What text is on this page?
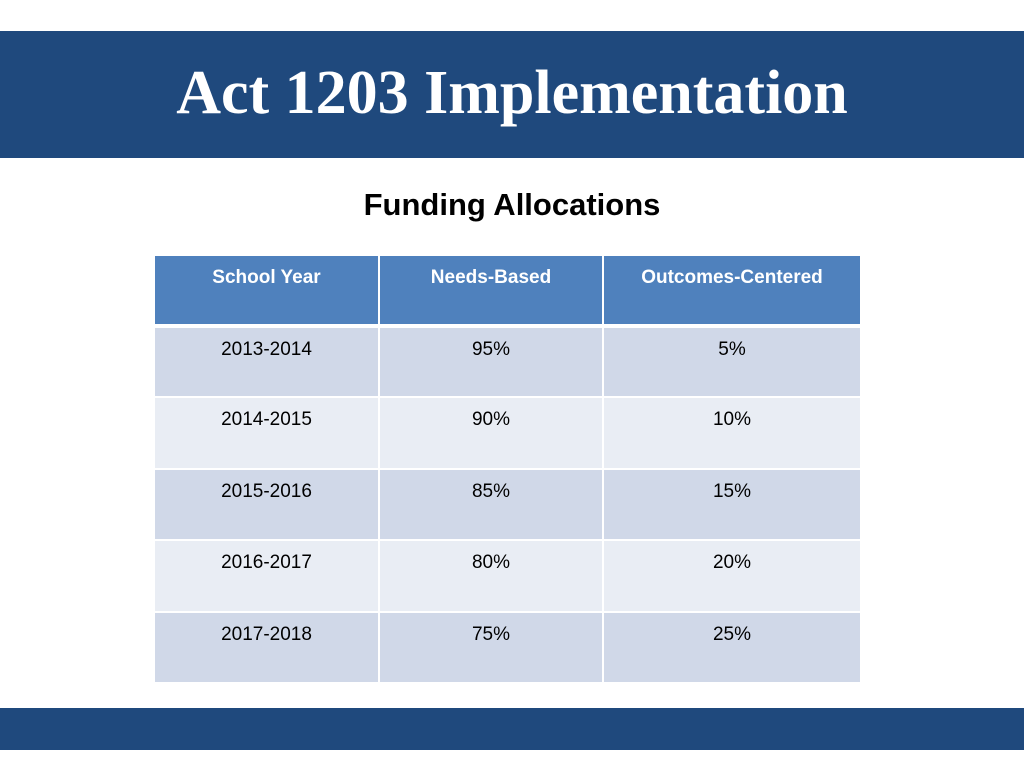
Act 1203 Implementation
Funding Allocations
School Year	Needs-Based	Outcomes-Centered
2013-2014	95%	5%
2014-2015	90%	10%
2015-2016	85%	15%
2016-2017	80%	20%
2017-2018	75%	25%
